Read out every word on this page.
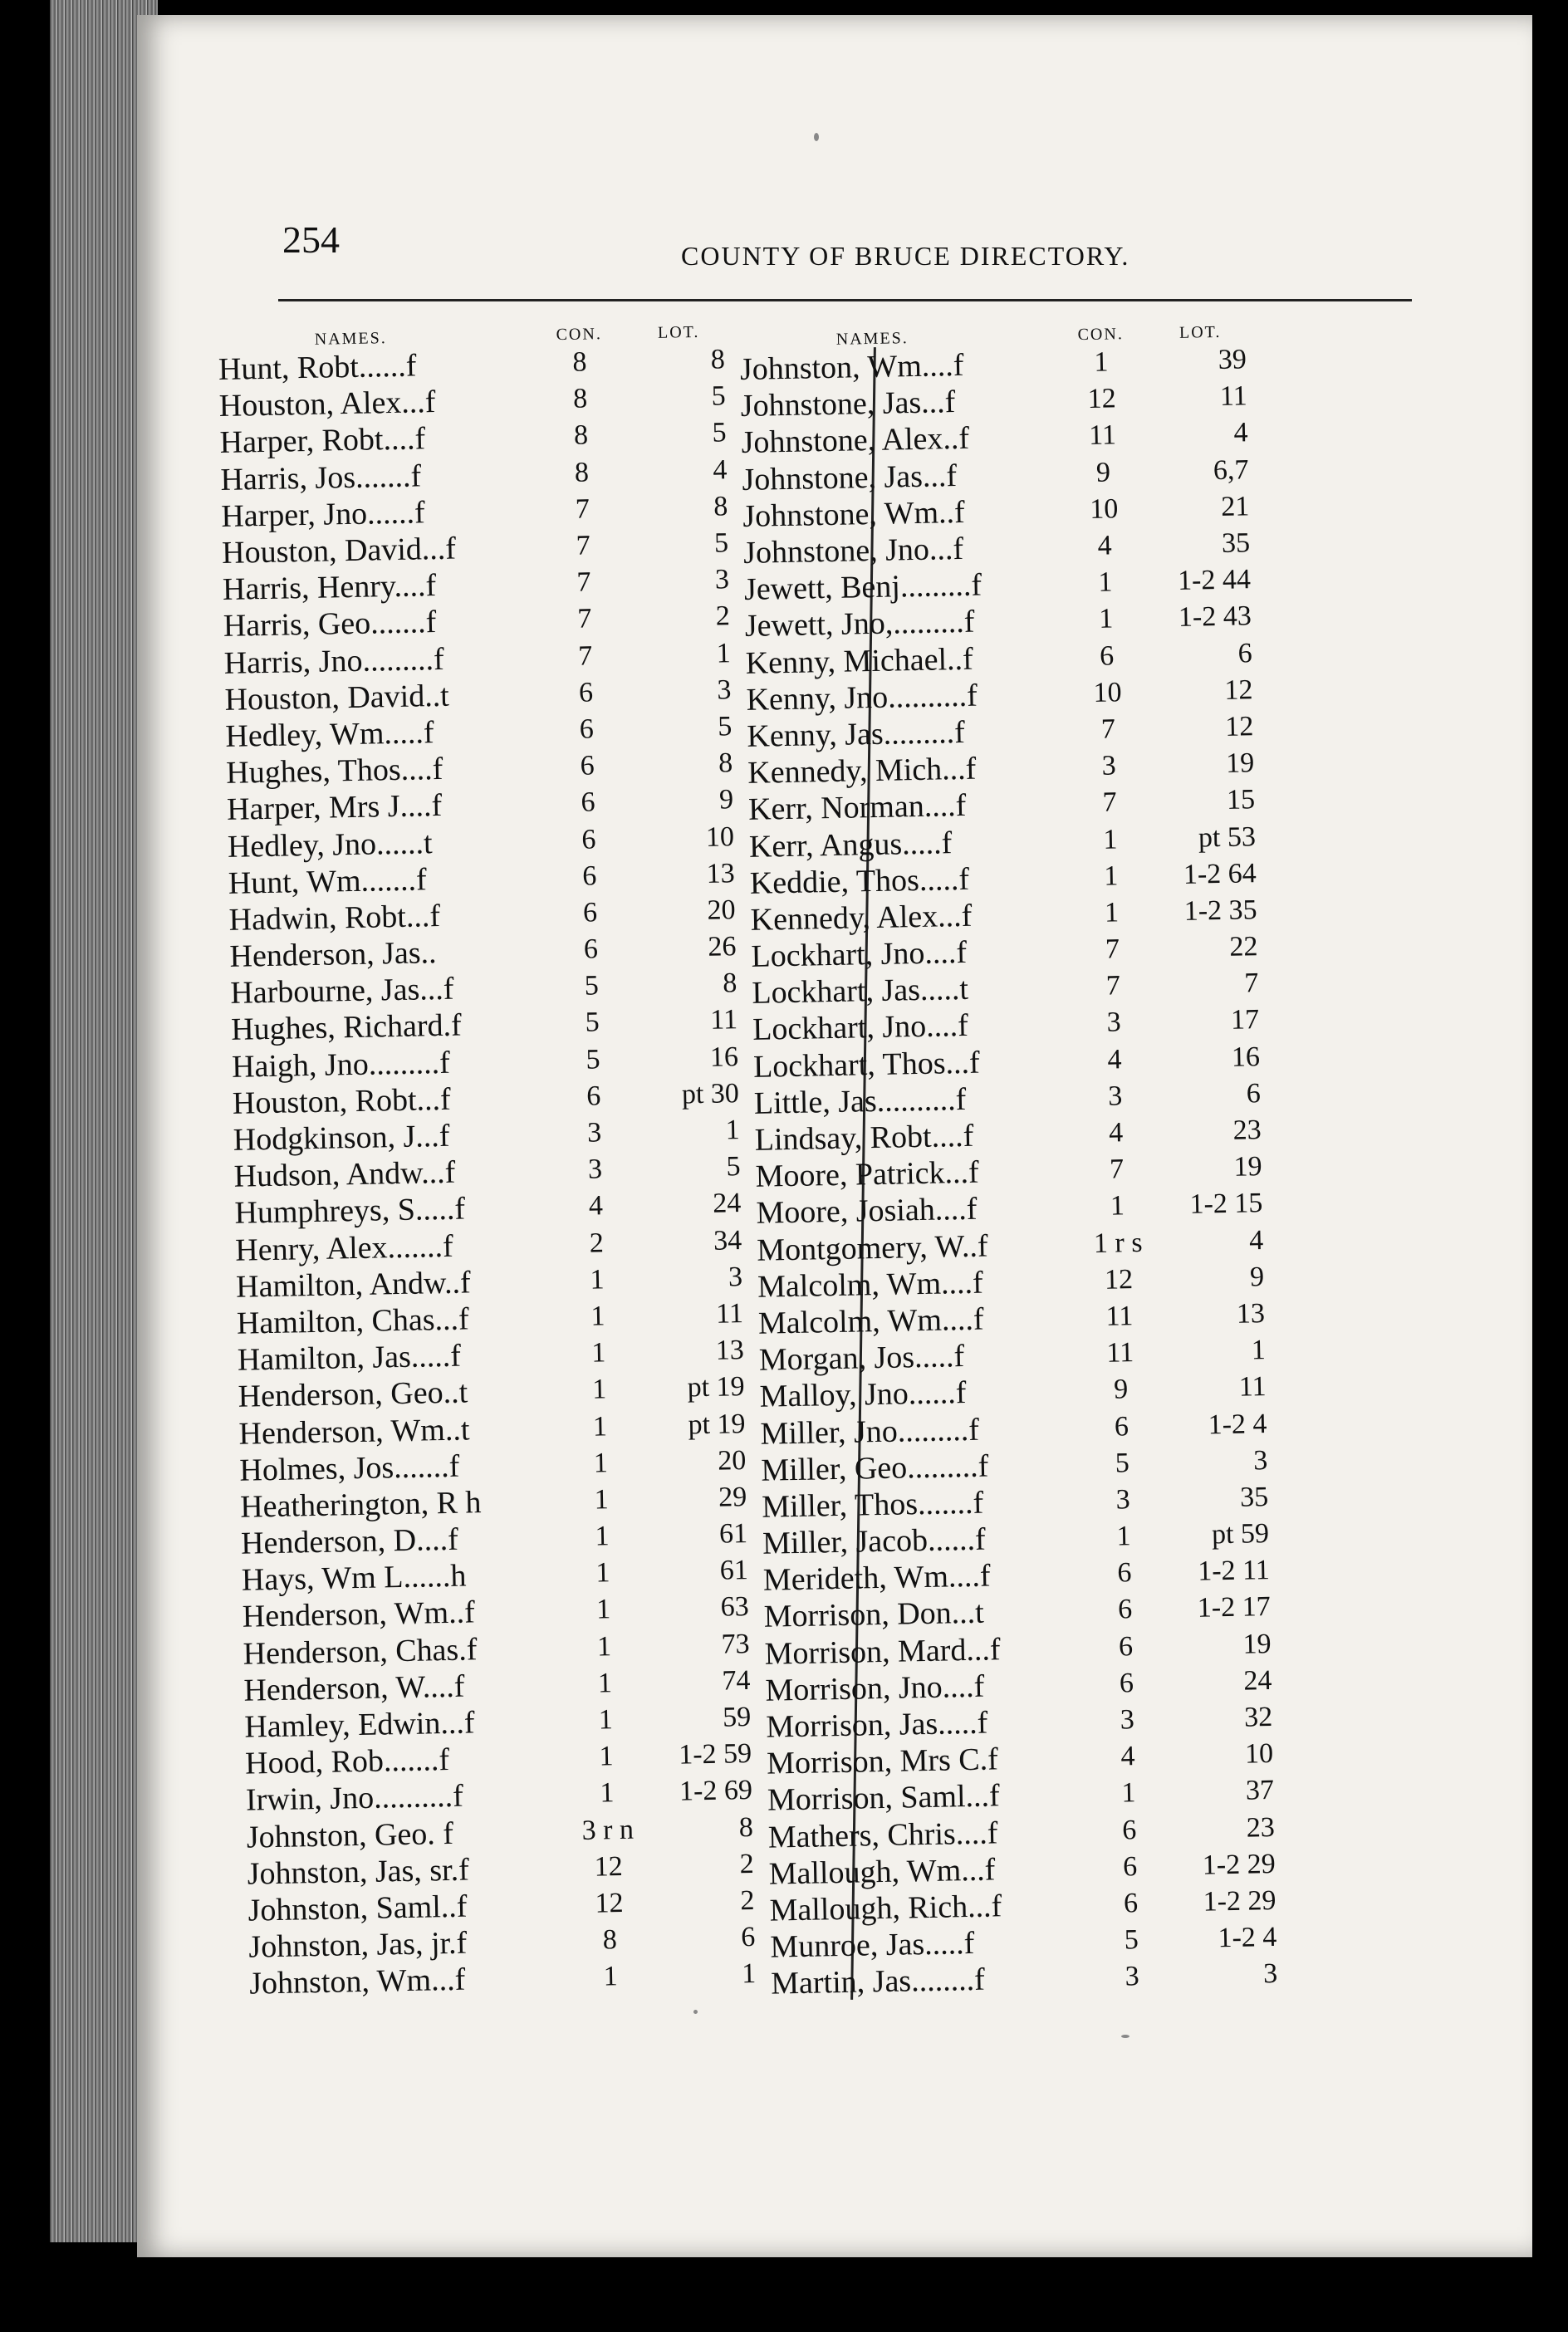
254	COUNTY OF BRUCE DIRECTORY.
NAMES.	CON.	LOT.
Hunt, Robt......f	8	8
Houston, Alex...f	8	5
Harper, Robt....f	8	5
Harris, Jos.......f	8	4
Harper, Jno......f	7	8
Houston, David...f	7	5
Harris, Henry....f	7	3
Harris, Geo.......f	7	2
Harris, Jno.........f	7	1
Houston, David..t	6	3
Hedley, Wm.....f	6	5
Hughes, Thos....f	6	8
Harper, Mrs J....f	6	9
Hedley, Jno......t	6	10
Hunt, Wm.......f	6	13
Hadwin, Robt...f	6	20
Henderson, Jas..	6	26
Harbourne, Jas...f	5	8
Hughes, Richard.f	5	11
Haigh, Jno.........f	5	16
Houston, Robt...f	6	pt 30
Hodgkinson, J...f	3	1
Hudson, Andw...f	3	5
Humphreys, S.....f	4	24
Henry, Alex.......f	2	34
Hamilton, Andw..f	1	3
Hamilton, Chas...f	1	11
Hamilton, Jas.....f	1	13
Henderson, Geo..t	1	pt 19
Henderson, Wm..t	1	pt 19
Holmes, Jos.......f	1	20
Heatherington, R h	1	29
Henderson, D....f	1	61
Hays, Wm L......h	1	61
Henderson, Wm..f	1	63
Henderson, Chas.f	1	73
Henderson, W....f	1	74
Hamley, Edwin...f	1	59
Hood, Rob.......f	1	1-2 59
Irwin, Jno..........f	1	1-2 69
Johnston, Geo. f	3 r n	8
Johnston, Jas, sr.f	12	2
Johnston, Saml..f	12	2
Johnston, Jas, jr.f	8	6
Johnston, Wm...f	1	1
NAMES.	CON.	LOT.
Johnston, Wm....f	1	39
Johnstone, Jas...f	12	11
Johnstone, Alex..f	11	4
Johnstone, Jas...f	9	6,7
Johnstone, Wm..f	10	21
Johnstone, Jno...f	4	35
Jewett, Benj.........f	1	1-2 44
Jewett, Jno,.........f	1	1-2 43
Kenny, Michael..f	6	6
Kenny, Jno..........f	10	12
Kenny, Jas.........f	7	12
Kennedy, Mich...f	3	19
Kerr, Norman....f	7	15
Kerr, Angus.....f	1	pt 53
Keddie, Thos.....f	1	1-2 64
Kennedy, Alex...f	1	1-2 35
Lockhart, Jno....f	7	22
Lockhart, Jas.....t	7	7
Lockhart, Jno....f	3	17
Lockhart, Thos...f	4	16
Little, Jas..........f	3	6
Lindsay, Robt....f	4	23
Moore, Patrick...f	7	19
Moore, Josiah....f	1	1-2 15
Montgomery, W..f	1 r s	4
Malcolm, Wm....f	12	9
Malcolm, Wm....f	11	13
Morgan, Jos.....f	11	1
Malloy, Jno......f	9	11
Miller, Jno.........f	6	1-2 4
Miller, Geo.........f	5	3
Miller, Thos.......f	3	35
Miller, Jacob......f	1	pt 59
Merideth, Wm....f	6	1-2 11
Morrison, Don...t	6	1-2 17
Morrison, Mard...f	6	19
Morrison, Jno....f	6	24
Morrison, Jas.....f	3	32
Morrison, Mrs C.f	4	10
Morrison, Saml...f	1	37
Mathers, Chris....f	6	23
Mallough, Wm...f	6	1-2 29
Mallough, Rich...f	6	1-2 29
Munroe, Jas.....f	5	1-2 4
Martin, Jas........f	3	3
